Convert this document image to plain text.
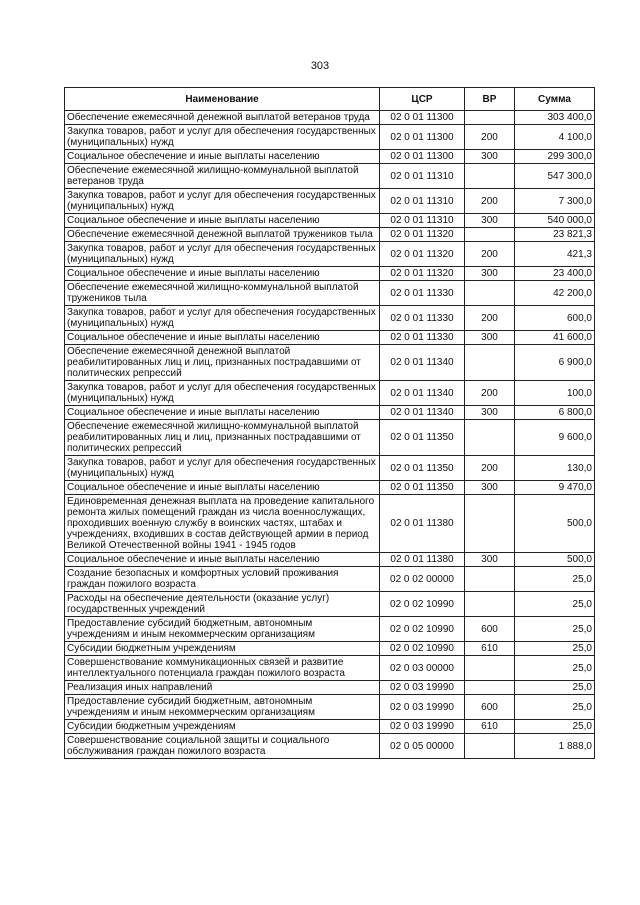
303
Наименование	ЦСР	ВР	Сумма
Обеспечение ежемесячной денежной выплатой ветеранов труда	02 0 01 11300		303 400,0
Закупка товаров, работ и услуг для обеспечения государственных (муниципальных) нужд	02 0 01 11300	200	4 100,0
Социальное обеспечение и иные выплаты населению	02 0 01 11300	300	299 300,0
Обеспечение ежемесячной жилищно-коммунальной выплатой ветеранов труда	02 0 01 11310		547 300,0
Закупка товаров, работ и услуг для обеспечения государственных (муниципальных) нужд	02 0 01 11310	200	7 300,0
Социальное обеспечение и иные выплаты населению	02 0 01 11310	300	540 000,0
Обеспечение ежемесячной денежной выплатой тружеников тыла	02 0 01 11320		23 821,3
Закупка товаров, работ и услуг для обеспечения государственных (муниципальных) нужд	02 0 01 11320	200	421,3
Социальное обеспечение и иные выплаты населению	02 0 01 11320	300	23 400,0
Обеспечение ежемесячной жилищно-коммунальной выплатой тружеников тыла	02 0 01 11330		42 200,0
Закупка товаров, работ и услуг для обеспечения государственных (муниципальных) нужд	02 0 01 11330	200	600,0
Социальное обеспечение и иные выплаты населению	02 0 01 11330	300	41 600,0
Обеспечение ежемесячной денежной выплатой реабилитированных лиц и лиц, признанных пострадавшими от политических репрессий	02 0 01 11340		6 900,0
Закупка товаров, работ и услуг для обеспечения государственных (муниципальных) нужд	02 0 01 11340	200	100,0
Социальное обеспечение и иные выплаты населению	02 0 01 11340	300	6 800,0
Обеспечение ежемесячной жилищно-коммунальной выплатой реабилитированных лиц и лиц, признанных пострадавшими от политических репрессий	02 0 01 11350		9 600,0
Закупка товаров, работ и услуг для обеспечения государственных (муниципальных) нужд	02 0 01 11350	200	130,0
Социальное обеспечение и иные выплаты населению	02 0 01 11350	300	9 470,0
Единовременная денежная выплата на проведение капитального ремонта жилых помещений граждан из числа военнослужащих, проходивших военную службу в воинских частях, штабах и учреждениях, входивших в состав действующей армии в период Великой Отечественной войны 1941 - 1945 годов	02 0 01 11380		500,0
Социальное обеспечение и иные выплаты населению	02 0 01 11380	300	500,0
Создание безопасных и комфортных условий проживания граждан пожилого возраста	02 0 02 00000		25,0
Расходы на обеспечение деятельности (оказание услуг) государственных учреждений	02 0 02 10990		25,0
Предоставление субсидий бюджетным, автономным учреждениям и иным некоммерческим организациям	02 0 02 10990	600	25,0
Субсидии бюджетным учреждениям	02 0 02 10990	610	25,0
Совершенствование коммуникационных связей и развитие интеллектуального потенциала граждан пожилого возраста	02 0 03 00000		25,0
Реализация иных направлений	02 0 03 19990		25,0
Предоставление субсидий бюджетным, автономным учреждениям и иным некоммерческим организациям	02 0 03 19990	600	25,0
Субсидии бюджетным учреждениям	02 0 03 19990	610	25,0
Совершенствование социальной защиты и социального обслуживания граждан пожилого возраста	02 0 05 00000		1 888,0
